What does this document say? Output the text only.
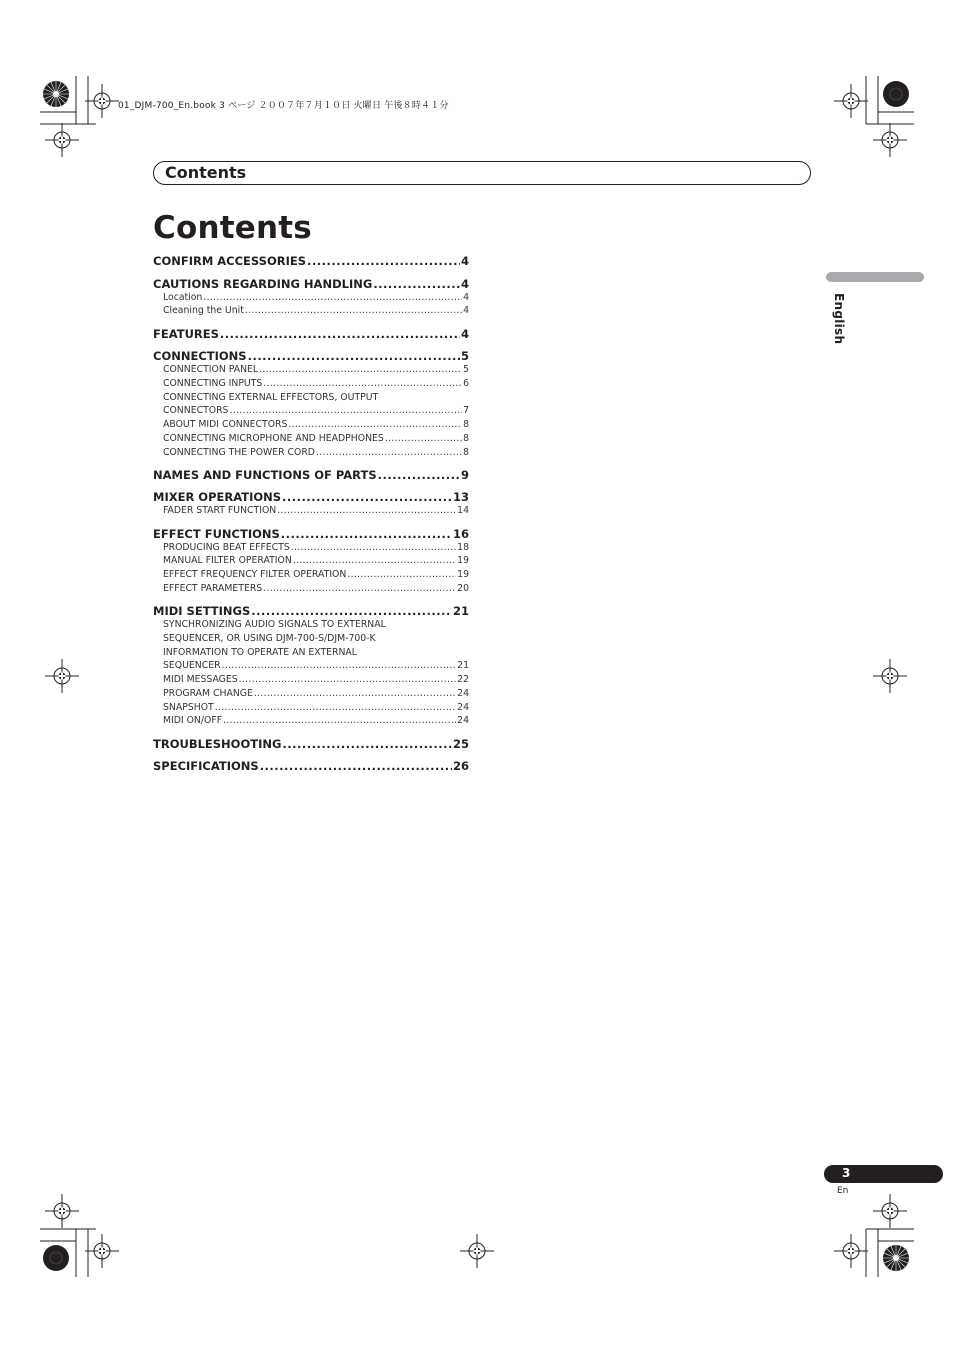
01_DJM-700_En.book 3 ページ ２００７年７月１０日 火曜日 午後８時４１分
Contents
Contents
CONFIRM ACCESSORIES .....	4
CAUTIONS REGARDING HANDLING .....	4
Location .....	4
Cleaning the Unit .....	4
FEATURES .....	4
CONNECTIONS .....	5
CONNECTION PANEL .....	5
CONNECTING INPUTS .....	6
CONNECTING EXTERNAL EFFECTORS, OUTPUT
CONNECTORS .....	7
ABOUT MIDI CONNECTORS .....	8
CONNECTING MICROPHONE AND HEADPHONES .....	8
CONNECTING THE POWER CORD .....	8
NAMES AND FUNCTIONS OF PARTS .....	9
MIXER OPERATIONS .....	13
FADER START FUNCTION .....	14
EFFECT FUNCTIONS .....	16
PRODUCING BEAT EFFECTS .....	18
MANUAL FILTER OPERATION .....	19
EFFECT FREQUENCY FILTER OPERATION .....	19
EFFECT PARAMETERS .....	20
MIDI SETTINGS .....	21
SYNCHRONIZING AUDIO SIGNALS TO EXTERNAL
SEQUENCER, OR USING DJM-700-S/DJM-700-K
INFORMATION TO OPERATE AN EXTERNAL
SEQUENCER .....	21
MIDI MESSAGES .....	22
PROGRAM CHANGE .....	24
SNAPSHOT .....	24
MIDI ON/OFF .....	24
TROUBLESHOOTING .....	25
SPECIFICATIONS .....	26
English
3
En
